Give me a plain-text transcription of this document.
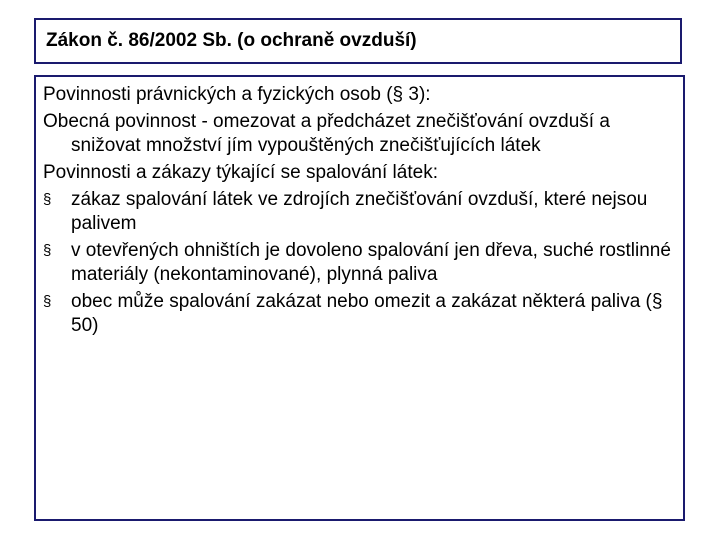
Zákon č. 86/2002 Sb. (o ochraně ovzduší)
Povinnosti právnických a fyzických osob (§ 3):
Obecná povinnost - omezovat a předcházet znečišťování ovzduší a snižovat množství jím vypouštěných znečišťujících látek
Povinnosti a zákazy týkající se spalování látek:
§	zákaz spalování látek ve zdrojích znečišťování ovzduší, které nejsou palivem
§	v otevřených ohništích je dovoleno spalování jen dřeva, suché rostlinné materiály (nekontaminované), plynná paliva
§	obec může spalování zakázat nebo omezit a zakázat některá paliva (§ 50)
